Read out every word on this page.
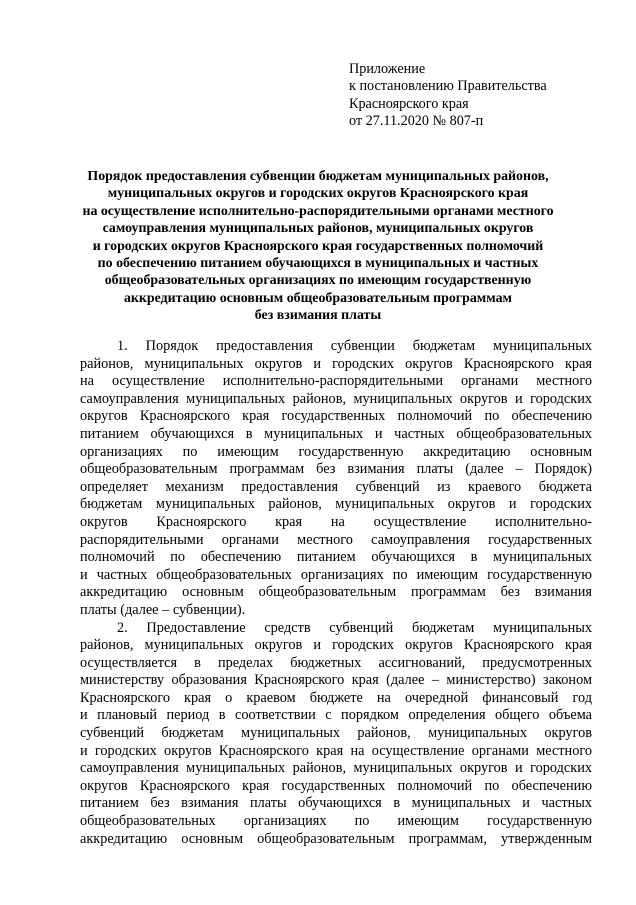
Приложение
к постановлению Правительства
Красноярского края
от 27.11.2020 № 807-п
Порядок предоставления субвенции бюджетам муниципальных районов,
муниципальных округов и городских округов Красноярского края
на осуществление исполнительно-распорядительными органами местного
самоуправления муниципальных районов, муниципальных округов
и городских округов Красноярского края государственных полномочий
по обеспечению питанием обучающихся в муниципальных и частных
общеобразовательных организациях по имеющим государственную
аккредитацию основным общеобразовательным программам
без взимания платы
1. Порядок предоставления субвенции бюджетам муниципальных
районов, муниципальных округов и городских округов Красноярского края
на осуществление исполнительно-распорядительными органами местного
самоуправления муниципальных районов, муниципальных округов и городских
округов Красноярского края государственных полномочий по обеспечению
питанием обучающихся в муниципальных и частных общеобразовательных
организациях по имеющим государственную аккредитацию основным
общеобразовательным программам без взимания платы (далее – Порядок)
определяет механизм предоставления субвенций из краевого бюджета
бюджетам муниципальных районов, муниципальных округов и городских
округов Красноярского края на осуществление исполнительно-
распорядительными органами местного самоуправления государственных
полномочий по обеспечению питанием обучающихся в муниципальных
и частных общеобразовательных организациях по имеющим государственную
аккредитацию основным общеобразовательным программам без взимания
платы (далее – субвенции).
2. Предоставление средств субвенций бюджетам муниципальных
районов, муниципальных округов и городских округов Красноярского края
осуществляется в пределах бюджетных ассигнований, предусмотренных
министерству образования Красноярского края (далее – министерство) законом
Красноярского края о краевом бюджете на очередной финансовый год
и плановый период в соответствии с порядком определения общего объема
субвенций бюджетам муниципальных районов, муниципальных округов
и городских округов Красноярского края на осуществление органами местного
самоуправления муниципальных районов, муниципальных округов и городских
округов Красноярского края государственных полномочий по обеспечению
питанием без взимания платы обучающихся в муниципальных и частных
общеобразовательных организациях по имеющим государственную
аккредитацию основным общеобразовательным программам, утвержденным
